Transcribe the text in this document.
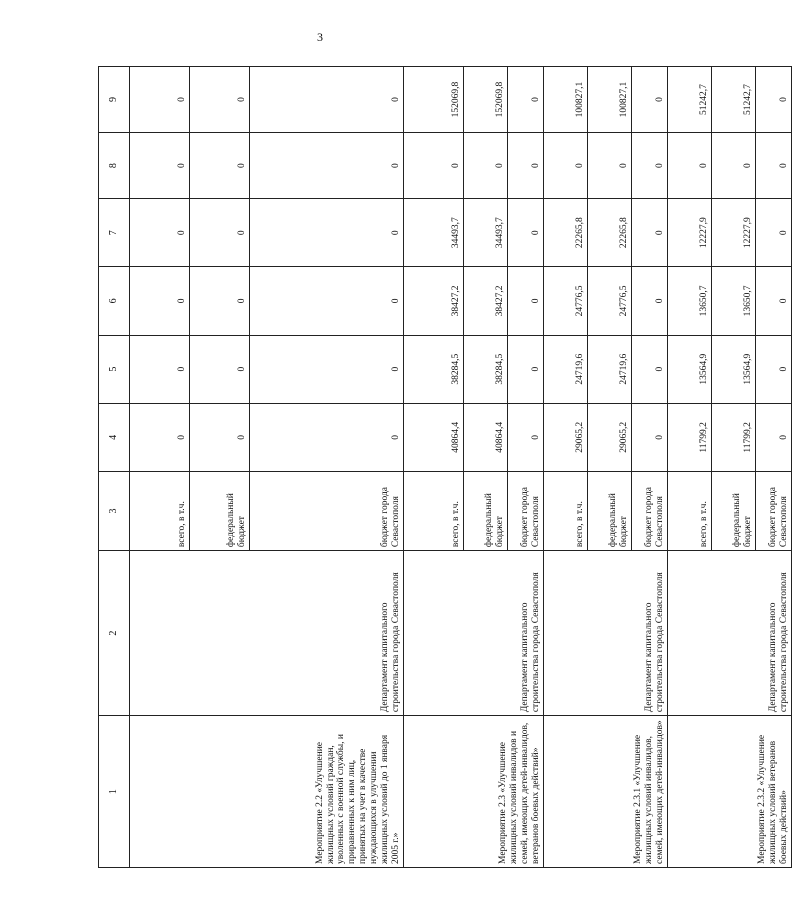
3
1	2	3	4	5	6	7	8	9
Мероприятие 2.2 «Улучшение жилищных условий граждан, уволенных с военной службы, и приравненных к ним лиц, принятых на учет в качестве нуждающихся в улучшении жилищных условий до 1 января 2005 г.»	Департамент капитального строительства города Севастополя	всего, в т.ч.	0	0	0	0	0	0
		федеральный бюджет	0	0	0	0	0	0
		бюджет города Севастополя	0	0	0	0	0	0
Мероприятие 2.3 «Улучшение жилищных условий инвалидов и семей, имеющих детей-инвалидов, ветеранов боевых действий»	Департамент капитального строительства города Севастополя	всего, в т.ч.	40864,4	38284,5	38427,2	34493,7	0	152069,8
		федеральный бюджет	40864,4	38284,5	38427,2	34493,7	0	152069,8
		бюджет города Севастополя	0	0	0	0	0	0
Мероприятие 2.3.1 «Улучшение жилищных условий инвалидов, семей, имеющих детей-инвалидов»	Департамент капитального строительства города Севастополя	всего, в т.ч.	29065,2	24719,6	24776,5	22265,8	0	100827,1
		федеральный бюджет	29065,2	24719,6	24776,5	22265,8	0	100827,1
		бюджет города Севастополя	0	0	0	0	0	0
Мероприятие 2.3.2 «Улучшение жилищных условий ветеранов боевых действий»	Департамент капитального строительства города Севастополя	всего, в т.ч.	11799,2	13564,9	13650,7	12227,9	0	51242,7
		федеральный бюджет	11799,2	13564,9	13650,7	12227,9	0	51242,7
		бюджет города Севастополя	0	0	0	0	0	0
